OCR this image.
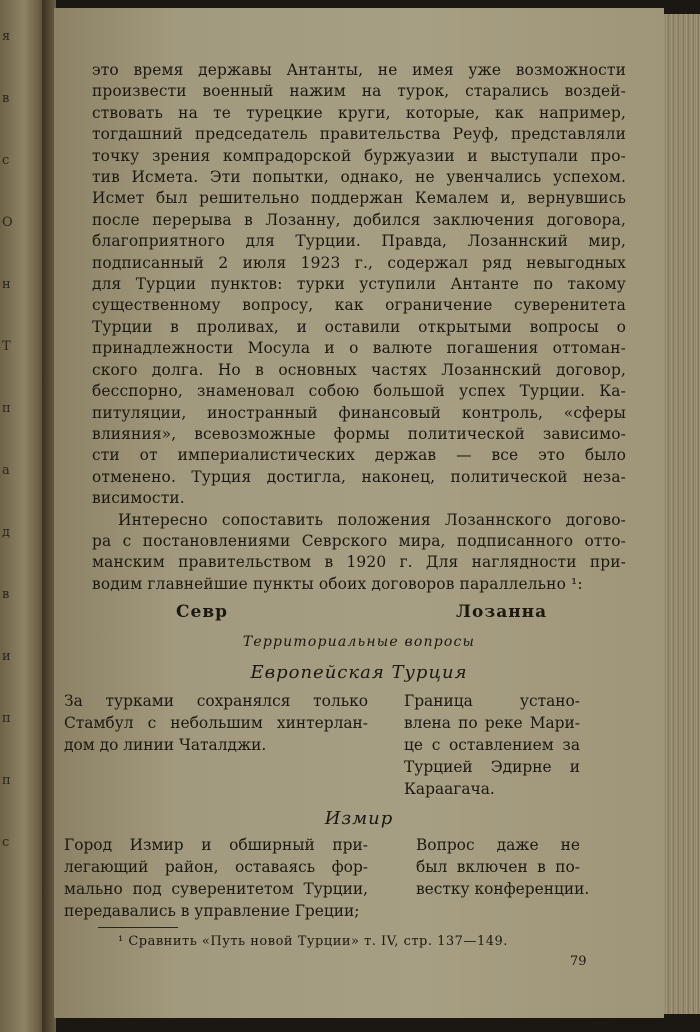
я
в
с
О
н
Т
п
а
д
в
и
п
п
с
это время державы Антанты, не имея уже возможности
произвести военный нажим на турок, старались воздей-
ствовать на те турецкие круги, которые, как например,
тогдашний председатель правительства Реуф, представляли
точку зрения компрадорской буржуазии и выступали про-
тив Исмета. Эти попытки, однако, не увенчались успехом.
Исмет был решительно поддержан Кемалем и, вернувшись
после перерыва в Лозанну, добился заключения договора,
благоприятного для Турции. Правда, Лозаннский мир,
подписанный 2 июля 1923 г., содержал ряд невыгодных
для Турции пунктов: турки уступили Антанте по такому
существенному вопросу, как ограничение суверенитета
Турции в проливах, и оставили открытыми вопросы о
принадлежности Мосула и о валюте погашения оттоман-
ского долга. Но в основных частях Лозаннский договор,
бесспорно, знаменовал собою большой успех Турции. Ка-
питуляции, иностранный финансовый контроль, «сферы
влияния», всевозможные формы политической зависимо-
сти от империалистических держав — все это было
отменено. Турция достигла, наконец, политической неза-
висимости.
Интересно сопоставить положения Лозаннского догово-
ра с постановлениями Севрского мира, подписанного отто-
манским правительством в 1920 г. Для наглядности при-
водим главнейшие пункты обоих договоров параллельно ¹:
Севр	Лозанна
Территориальные вопросы
Европейская Турция
За турками сохранялся только
Стамбул с небольшим хинтерлан-
дом до линии Чаталджи.
Граница устано-
влена по реке Мари-
це с оставлением за
Турцией Эдирне и
Караагача.
Измир
Город Измир и обширный при-
легающий район, оставаясь фор-
мально под суверенитетом Турции,
передавались в управление Греции;
Вопрос даже не
был включен в по-
вестку конференции.
¹ Сравнить «Путь новой Турции» т. IV, стр. 137—149.
79
